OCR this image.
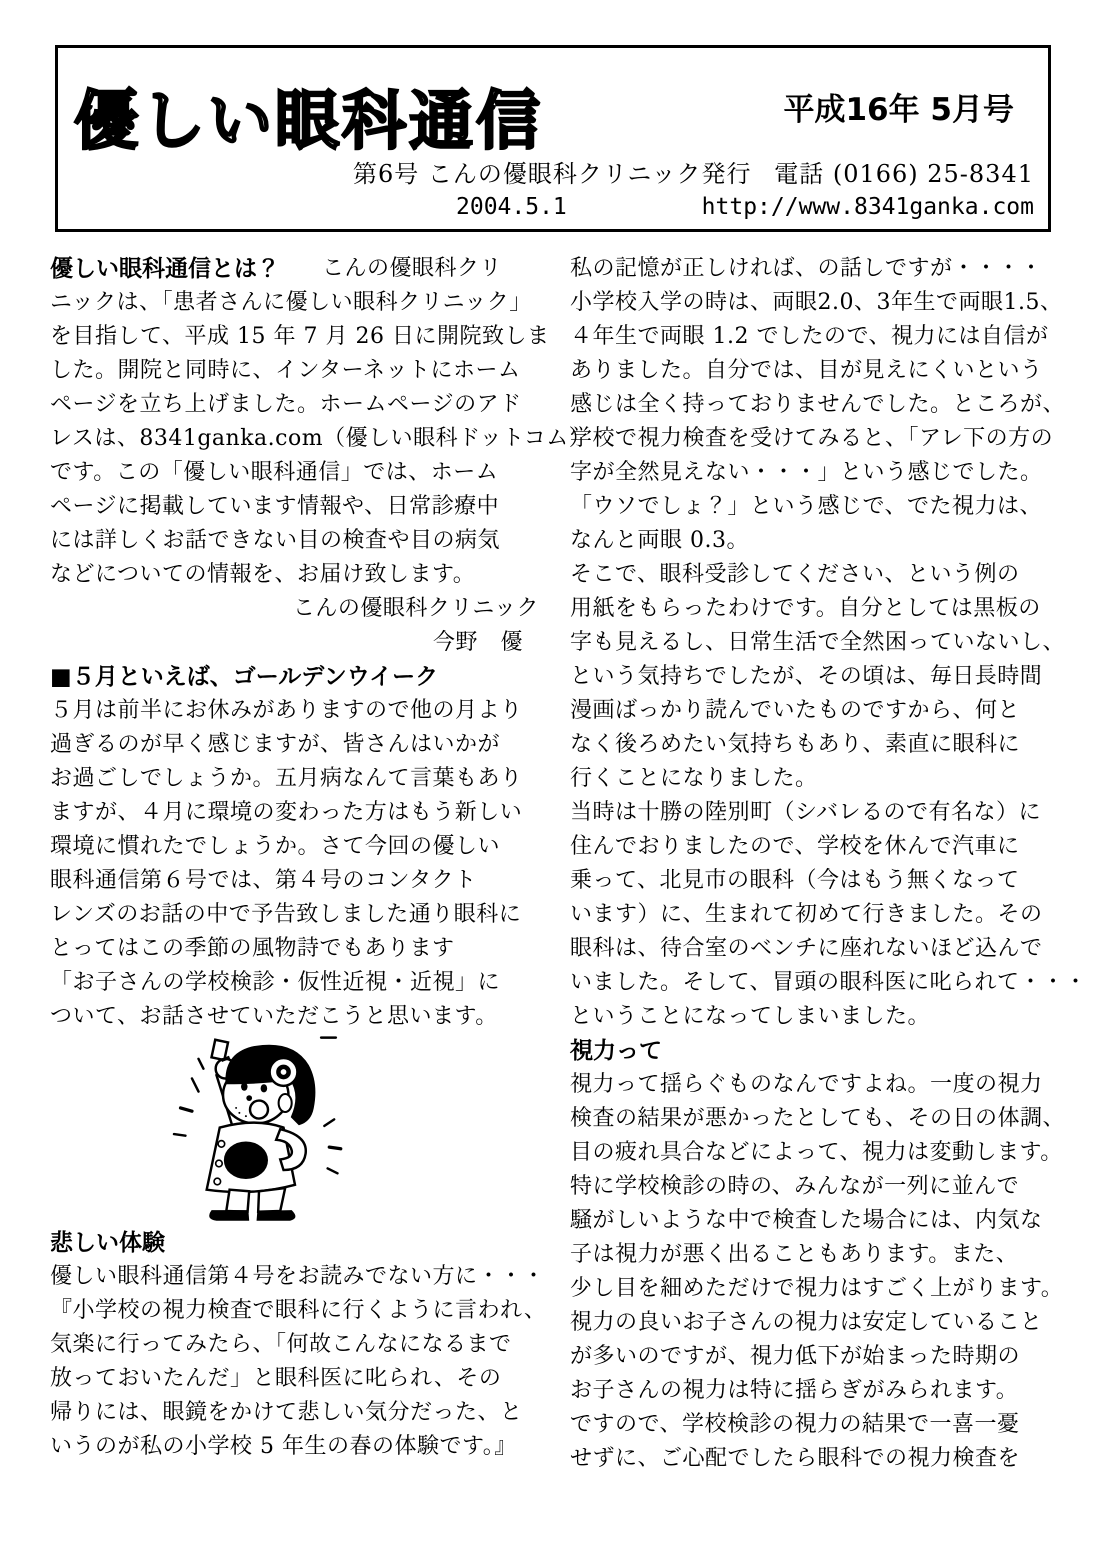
優しい眼科通信	平成16年 5月号
第6号 こんの優眼科クリニック発行
2004.5.1
電話 (0166) 25-8341
http://www.8341ganka.com
優しい眼科通信とは？ こんの優眼科クリ
ニックは、「患者さんに優しい眼科クリニック」
を目指して、平成 15 年 7 月 26 日に開院致しま
した。開院と同時に、インターネットにホーム
ページを立ち上げました。ホームページのアド
レスは、8341ganka.com（優しい眼科ドットコム）
です。この「優しい眼科通信」では、ホーム
ページに掲載しています情報や、日常診療中
には詳しくお話できない目の検査や目の病気
などについての情報を、お届け致します。
こんの優眼科クリニック
今野　優
■５月といえば、ゴールデンウイーク
５月は前半にお休みがありますので他の月より
過ぎるのが早く感じますが、皆さんはいかが
お過ごしでしょうか。五月病なんて言葉もあり
ますが、４月に環境の変わった方はもう新しい
環境に慣れたでしょうか。さて今回の優しい
眼科通信第６号では、第４号のコンタクト
レンズのお話の中で予告致しました通り眼科に
とってはこの季節の風物詩でもあります
「お子さんの学校検診・仮性近視・近視」に
ついて、お話させていただこうと思います。
悲しい体験
優しい眼科通信第４号をお読みでない方に・・・
『小学校の視力検査で眼科に行くように言われ、
気楽に行ってみたら、「何故こんなになるまで
放っておいたんだ」と眼科医に叱られ、その
帰りには、眼鏡をかけて悲しい気分だった、と
いうのが私の小学校 5 年生の春の体験です。』
私の記憶が正しければ、の話しですが・・・・
小学校入学の時は、両眼2.0、3年生で両眼1.5、
４年生で両眼 1.2 でしたので、視力には自信が
ありました。自分では、目が見えにくいという
感じは全く持っておりませんでした。ところが、
学校で視力検査を受けてみると、「アレ下の方の
字が全然見えない・・・」という感じでした。
「ウソでしょ？」という感じで、でた視力は、
なんと両眼 0.3。
そこで、眼科受診してください、という例の
用紙をもらったわけです。自分としては黒板の
字も見えるし、日常生活で全然困っていないし、
という気持ちでしたが、その頃は、毎日長時間
漫画ばっかり読んでいたものですから、何と
なく後ろめたい気持ちもあり、素直に眼科に
行くことになりました。
当時は十勝の陸別町（シバレるので有名な）に
住んでおりましたので、学校を休んで汽車に
乗って、北見市の眼科（今はもう無くなって
います）に、生まれて初めて行きました。その
眼科は、待合室のベンチに座れないほど込んで
いました。そして、冒頭の眼科医に叱られて・・・
ということになってしまいました。
視力って
視力って揺らぐものなんですよね。一度の視力
検査の結果が悪かったとしても、その日の体調、
目の疲れ具合などによって、視力は変動します。
特に学校検診の時の、みんなが一列に並んで
騒がしいような中で検査した場合には、内気な
子は視力が悪く出ることもあります。また、
少し目を細めただけで視力はすごく上がります。
視力の良いお子さんの視力は安定していること
が多いのですが、視力低下が始まった時期の
お子さんの視力は特に揺らぎがみられます。
ですので、学校検診の視力の結果で一喜一憂
せずに、ご心配でしたら眼科での視力検査を
